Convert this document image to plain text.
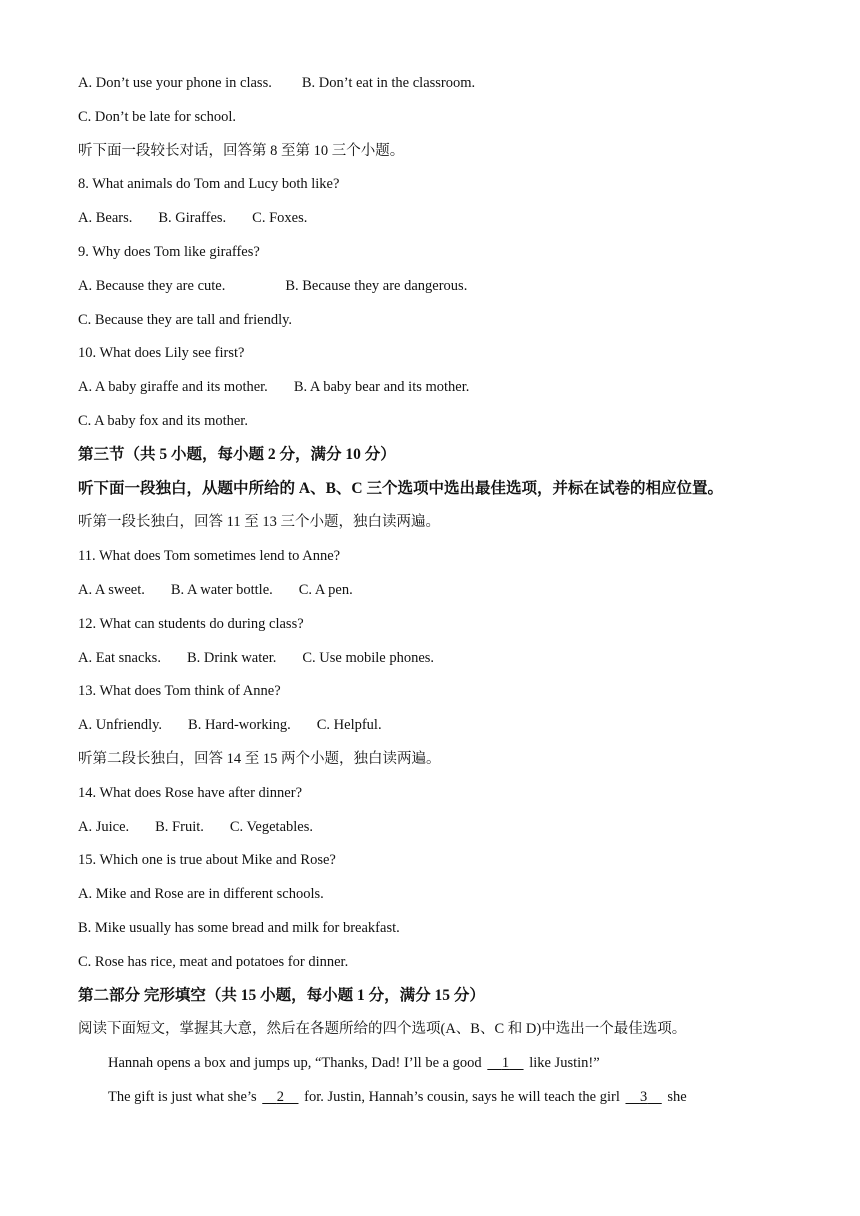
A. Don’t use your phone in class. B. Don’t eat in the classroom.
C. Don’t be late for school.
听下面一段较长对话，回答第 8 至第 10 三个小题。
8. What animals do Tom and Lucy both like?
A. Bears. B. Giraffes. C. Foxes.
9. Why does Tom like giraffes?
A. Because they are cute.	B. Because they are dangerous.
C. Because they are tall and friendly.
10. What does Lily see first?
A. A baby giraffe and its mother. B. A baby bear and its mother.
C. A baby fox and its mother.
第三节（共 5 小题，每小题 2 分，满分 10 分）
听下面一段独白，从题中所给的 A、B、C 三个选项中选出最佳选项，并标在试卷的相应位置。
听第一段长独白，回答 11 至 13 三个小题，独白读两遍。
11. What does Tom sometimes lend to Anne?
A. A sweet. B. A water bottle. C. A pen.
12. What can students do during class?
A. Eat snacks. B. Drink water. C. Use mobile phones.
13. What does Tom think of Anne?
A. Unfriendly. B. Hard-working. C. Helpful.
听第二段长独白，回答 14 至 15 两个小题，独白读两遍。
14. What does Rose have after dinner?
A. Juice. B. Fruit. C. Vegetables.
15. Which one is true about Mike and Rose?
A. Mike and Rose are in different schools.
B. Mike usually has some bread and milk for breakfast.
C. Rose has rice, meat and potatoes for dinner.
第二部分 完形填空（共 15 小题，每小题 1 分，满分 15 分）
阅读下面短文，掌握其大意，然后在各题所给的四个选项(A、B、C 和 D)中选出一个最佳选项。
Hannah opens a box and jumps up, “Thanks, Dad! I’ll be a good     1     like Justin!”
The gift is just what she’s     2     for. Justin, Hannah’s cousin, says he will teach the girl     3     she
